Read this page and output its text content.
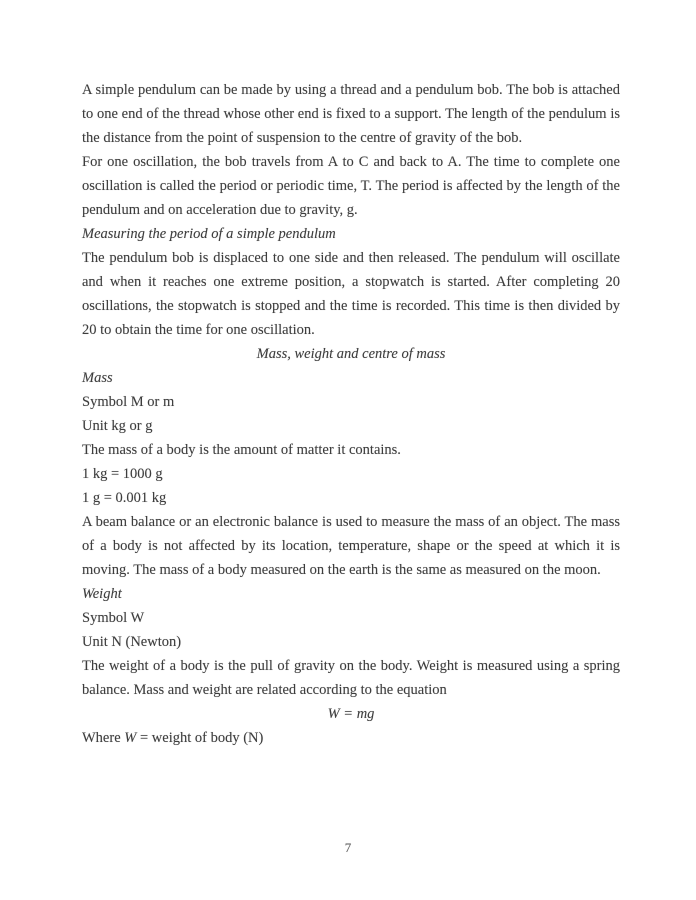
A simple pendulum can be made by using a thread and a pendulum bob. The bob is attached to one end of the thread whose other end is fixed to a support. The length of the pendulum is the distance from the point of suspension to the centre of gravity of the bob.

For one oscillation, the bob travels from A to C and back to A. The time to complete one oscillation is called the period or periodic time, T. The period is affected by the length of the pendulum and on acceleration due to gravity, g.

Measuring the period of a simple pendulum

The pendulum bob is displaced to one side and then released. The pendulum will oscillate and when it reaches one extreme position, a stopwatch is started. After completing 20 oscillations, the stopwatch is stopped and the time is recorded. This time is then divided by 20 to obtain the time for one oscillation.

Mass, weight and centre of mass
Mass

Symbol M or m

Unit kg or g

The mass of a body is the amount of matter it contains.

1 kg = 1000 g

1 g = 0.001 kg

A beam balance or an electronic balance is used to measure the mass of an object. The mass of a body is not affected by its location, temperature, shape or the speed at which it is moving. The mass of a body measured on the earth is the same as measured on the moon.

Weight

Symbol W

Unit N (Newton)

The weight of a body is the pull of gravity on the body. Weight is measured using a spring balance. Mass and weight are related according to the equation

W = mg

Where W = weight of body (N)

7
